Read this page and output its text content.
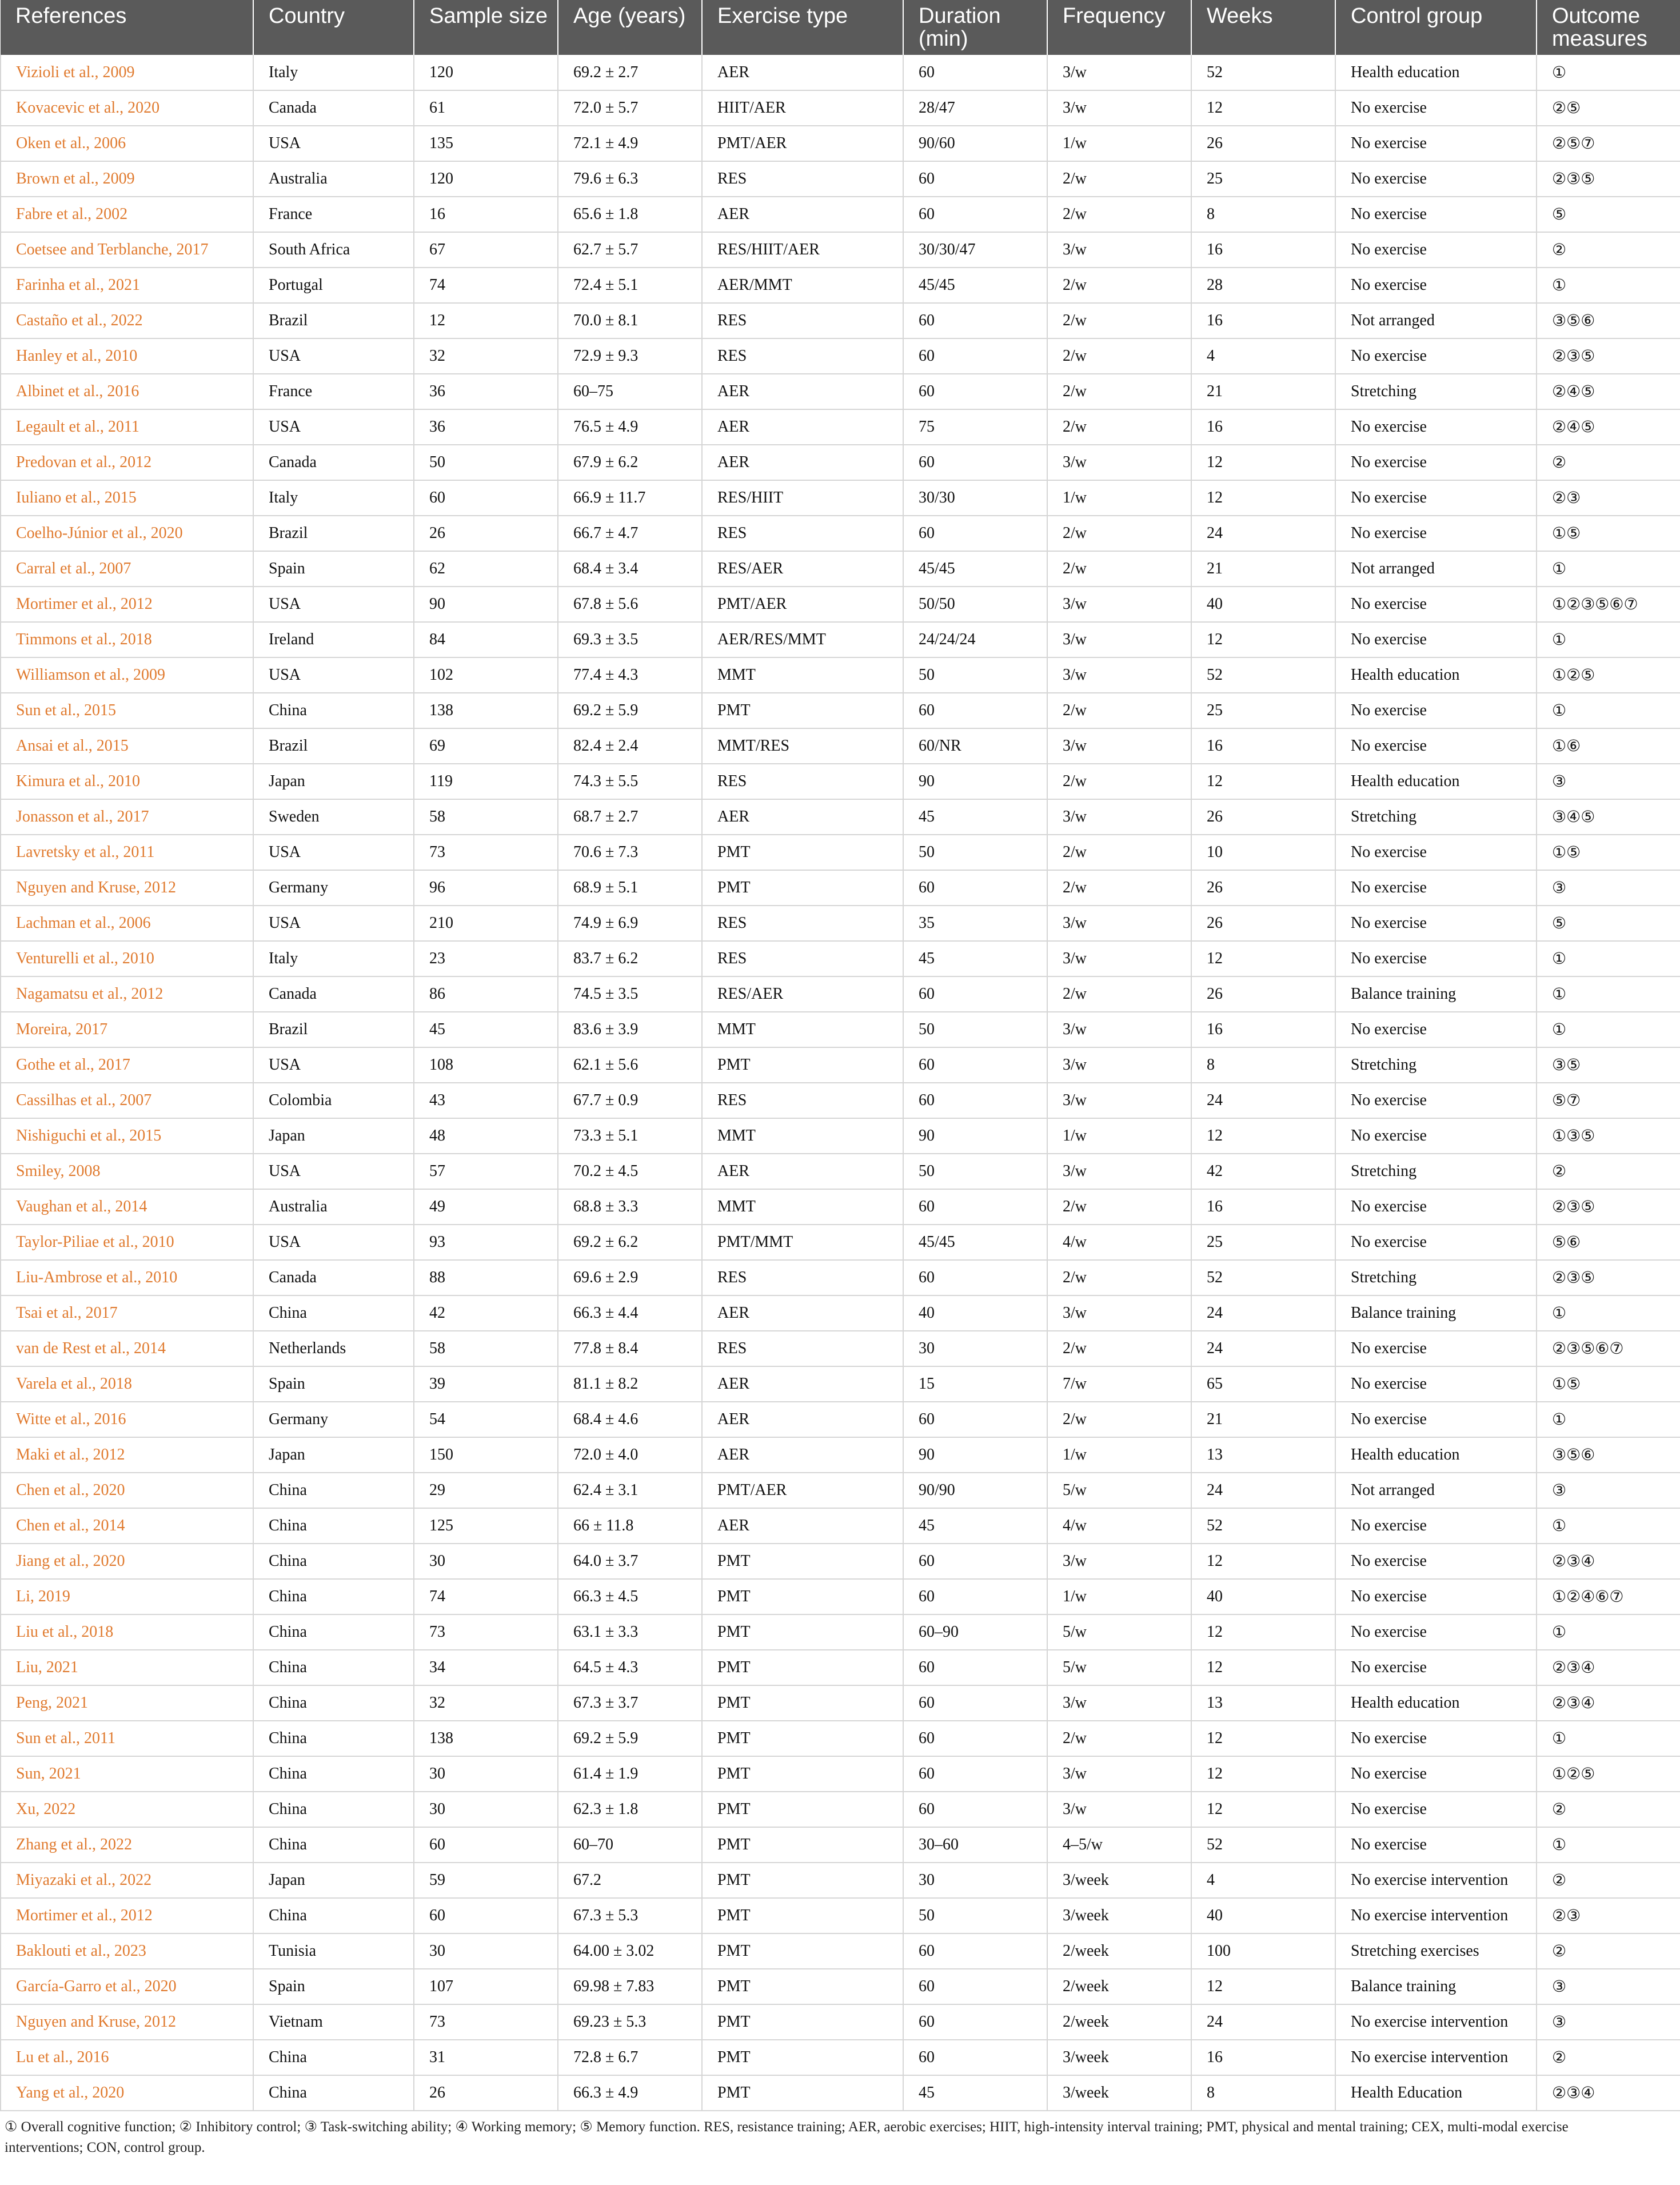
References	Country	Sample size	Age (years)	Exercise type	Duration (min)	Frequency	Weeks	Control group	Outcome measures
Vizioli et al., 2009	Italy	120	69.2 ± 2.7	AER	60	3/w	52	Health education	①
Kovacevic et al., 2020	Canada	61	72.0 ± 5.7	HIIT/AER	28/47	3/w	12	No exercise	②⑤
Oken et al., 2006	USA	135	72.1 ± 4.9	PMT/AER	90/60	1/w	26	No exercise	②⑤⑦
Brown et al., 2009	Australia	120	79.6 ± 6.3	RES	60	2/w	25	No exercise	②③⑤
Fabre et al., 2002	France	16	65.6 ± 1.8	AER	60	2/w	8	No exercise	⑤
Coetsee and Terblanche, 2017	South Africa	67	62.7 ± 5.7	RES/HIIT/AER	30/30/47	3/w	16	No exercise	②
Farinha et al., 2021	Portugal	74	72.4 ± 5.1	AER/MMT	45/45	2/w	28	No exercise	①
Castaño et al., 2022	Brazil	12	70.0 ± 8.1	RES	60	2/w	16	Not arranged	③⑤⑥
Hanley et al., 2010	USA	32	72.9 ± 9.3	RES	60	2/w	4	No exercise	②③⑤
Albinet et al., 2016	France	36	60–75	AER	60	2/w	21	Stretching	②④⑤
Legault et al., 2011	USA	36	76.5 ± 4.9	AER	75	2/w	16	No exercise	②④⑤
Predovan et al., 2012	Canada	50	67.9 ± 6.2	AER	60	3/w	12	No exercise	②
Iuliano et al., 2015	Italy	60	66.9 ± 11.7	RES/HIIT	30/30	1/w	12	No exercise	②③
Coelho-Júnior et al., 2020	Brazil	26	66.7 ± 4.7	RES	60	2/w	24	No exercise	①⑤
Carral et al., 2007	Spain	62	68.4 ± 3.4	RES/AER	45/45	2/w	21	Not arranged	①
Mortimer et al., 2012	USA	90	67.8 ± 5.6	PMT/AER	50/50	3/w	40	No exercise	①②③⑤⑥⑦
Timmons et al., 2018	Ireland	84	69.3 ± 3.5	AER/RES/MMT	24/24/24	3/w	12	No exercise	①
Williamson et al., 2009	USA	102	77.4 ± 4.3	MMT	50	3/w	52	Health education	①②⑤
Sun et al., 2015	China	138	69.2 ± 5.9	PMT	60	2/w	25	No exercise	①
Ansai et al., 2015	Brazil	69	82.4 ± 2.4	MMT/RES	60/NR	3/w	16	No exercise	①⑥
Kimura et al., 2010	Japan	119	74.3 ± 5.5	RES	90	2/w	12	Health education	③
Jonasson et al., 2017	Sweden	58	68.7 ± 2.7	AER	45	3/w	26	Stretching	③④⑤
Lavretsky et al., 2011	USA	73	70.6 ± 7.3	PMT	50	2/w	10	No exercise	①⑤
Nguyen and Kruse, 2012	Germany	96	68.9 ± 5.1	PMT	60	2/w	26	No exercise	③
Lachman et al., 2006	USA	210	74.9 ± 6.9	RES	35	3/w	26	No exercise	⑤
Venturelli et al., 2010	Italy	23	83.7 ± 6.2	RES	45	3/w	12	No exercise	①
Nagamatsu et al., 2012	Canada	86	74.5 ± 3.5	RES/AER	60	2/w	26	Balance training	①
Moreira, 2017	Brazil	45	83.6 ± 3.9	MMT	50	3/w	16	No exercise	①
Gothe et al., 2017	USA	108	62.1 ± 5.6	PMT	60	3/w	8	Stretching	③⑤
Cassilhas et al., 2007	Colombia	43	67.7 ± 0.9	RES	60	3/w	24	No exercise	⑤⑦
Nishiguchi et al., 2015	Japan	48	73.3 ± 5.1	MMT	90	1/w	12	No exercise	①③⑤
Smiley, 2008	USA	57	70.2 ± 4.5	AER	50	3/w	42	Stretching	②
Vaughan et al., 2014	Australia	49	68.8 ± 3.3	MMT	60	2/w	16	No exercise	②③⑤
Taylor-Piliae et al., 2010	USA	93	69.2 ± 6.2	PMT/MMT	45/45	4/w	25	No exercise	⑤⑥
Liu-Ambrose et al., 2010	Canada	88	69.6 ± 2.9	RES	60	2/w	52	Stretching	②③⑤
Tsai et al., 2017	China	42	66.3 ± 4.4	AER	40	3/w	24	Balance training	①
van de Rest et al., 2014	Netherlands	58	77.8 ± 8.4	RES	30	2/w	24	No exercise	②③⑤⑥⑦
Varela et al., 2018	Spain	39	81.1 ± 8.2	AER	15	7/w	65	No exercise	①⑤
Witte et al., 2016	Germany	54	68.4 ± 4.6	AER	60	2/w	21	No exercise	①
Maki et al., 2012	Japan	150	72.0 ± 4.0	AER	90	1/w	13	Health education	③⑤⑥
Chen et al., 2020	China	29	62.4 ± 3.1	PMT/AER	90/90	5/w	24	Not arranged	③
Chen et al., 2014	China	125	66 ± 11.8	AER	45	4/w	52	No exercise	①
Jiang et al., 2020	China	30	64.0 ± 3.7	PMT	60	3/w	12	No exercise	②③④
Li, 2019	China	74	66.3 ± 4.5	PMT	60	1/w	40	No exercise	①②④⑥⑦
Liu et al., 2018	China	73	63.1 ± 3.3	PMT	60–90	5/w	12	No exercise	①
Liu, 2021	China	34	64.5 ± 4.3	PMT	60	5/w	12	No exercise	②③④
Peng, 2021	China	32	67.3 ± 3.7	PMT	60	3/w	13	Health education	②③④
Sun et al., 2011	China	138	69.2 ± 5.9	PMT	60	2/w	12	No exercise	①
Sun, 2021	China	30	61.4 ± 1.9	PMT	60	3/w	12	No exercise	①②⑤
Xu, 2022	China	30	62.3 ± 1.8	PMT	60	3/w	12	No exercise	②
Zhang et al., 2022	China	60	60–70	PMT	30–60	4–5/w	52	No exercise	①
Miyazaki et al., 2022	Japan	59	67.2	PMT	30	3/week	4	No exercise intervention	②
Mortimer et al., 2012	China	60	67.3 ± 5.3	PMT	50	3/week	40	No exercise intervention	②③
Baklouti et al., 2023	Tunisia	30	64.00 ± 3.02	PMT	60	2/week	100	Stretching exercises	②
García-Garro et al., 2020	Spain	107	69.98 ± 7.83	PMT	60	2/week	12	Balance training	③
Nguyen and Kruse, 2012	Vietnam	73	69.23 ± 5.3	PMT	60	2/week	24	No exercise intervention	③
Lu et al., 2016	China	31	72.8 ± 6.7	PMT	60	3/week	16	No exercise intervention	②
Yang et al., 2020	China	26	66.3 ± 4.9	PMT	45	3/week	8	Health Education	②③④
① Overall cognitive function; ② Inhibitory control; ③ Task-switching ability; ④ Working memory; ⑤ Memory function. RES, resistance training; AER, aerobic exercises; HIIT, high-intensity interval training; PMT, physical and mental training; CEX, multi-modal exercise
interventions; CON, control group.
